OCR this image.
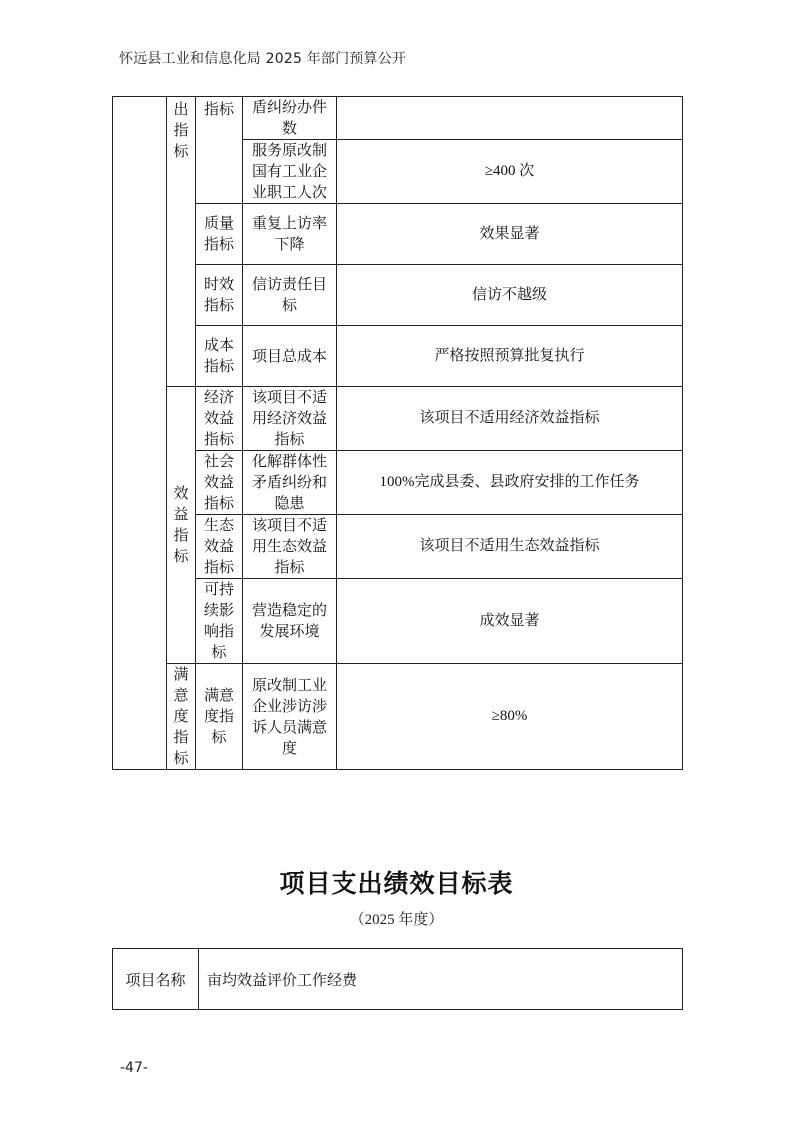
怀远县工业和信息化局 2025 年部门预算公开
	出指标	指标	盾纠纷办件数	
			服务原改制国有工业企业职工人次	≥400 次
		质量指标	重复上访率下降	效果显著
		时效指标	信访责任目标	信访不越级
		成本指标	项目总成本	严格按照预算批复执行
	效益指标	经济效益指标	该项目不适用经济效益指标	该项目不适用经济效益指标
		社会效益指标	化解群体性矛盾纠纷和隐患	100%完成县委、县政府安排的工作任务
		生态效益指标	该项目不适用生态效益指标	该项目不适用生态效益指标
		可持续影响指标	营造稳定的发展环境	成效显著
	满意度指标	满意度指标	原改制工业企业涉访涉诉人员满意度	≥80%
项目支出绩效目标表
（2025 年度）
项目名称	亩均效益评价工作经费
-47-
